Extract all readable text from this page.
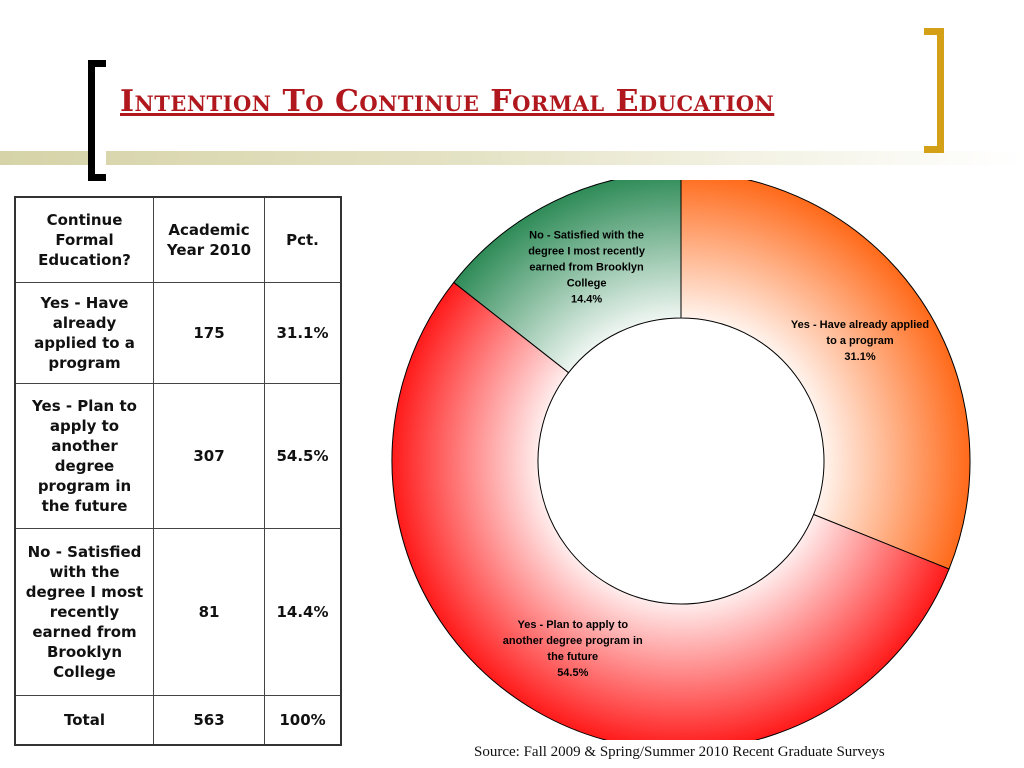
Intention To Continue Formal Education
Continue Formal Education?	Academic Year 2010	Pct.
Yes - Have already applied to a program	175	31.1%
Yes - Plan to apply to another degree program in the future	307	54.5%
No - Satisfied with the degree I most recently earned from Brooklyn College	81	14.4%
Total	563	100%
Yes - Have already applied to a program 31.1%
Yes - Plan to apply to another degree program in the future 54.5%
No - Satisfied with the degree I most recently earned from Brooklyn College 14.4%
Source: Fall 2009 & Spring/Summer 2010 Recent Graduate Surveys
